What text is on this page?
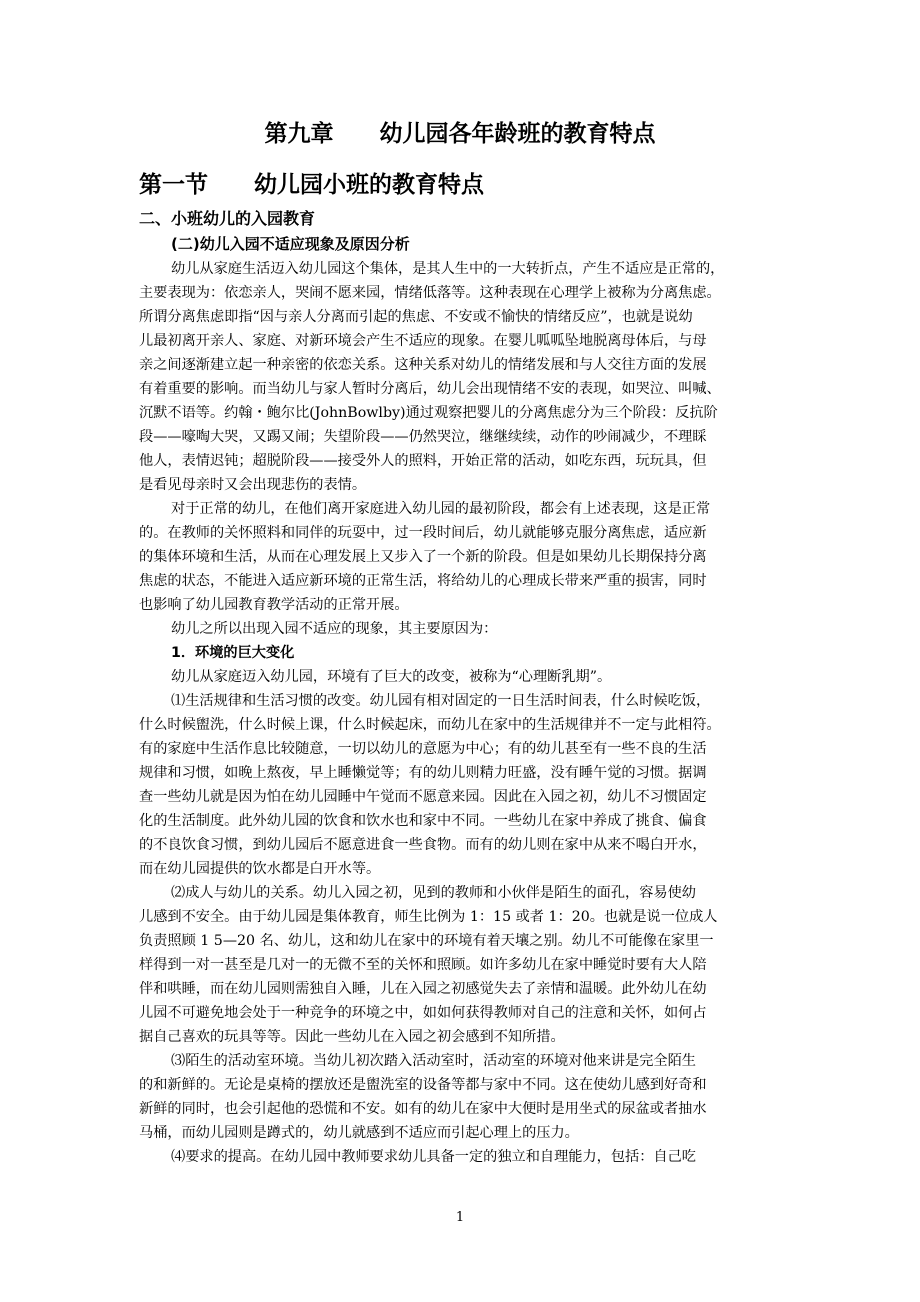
第九章　　幼儿园各年龄班的教育特点
第一节　　幼儿园小班的教育特点
二、小班幼儿的入园教育
(二)幼儿入园不适应现象及原因分析
幼儿从家庭生活迈入幼儿园这个集体，是其人生中的一大转折点，产生不适应是正常的，
主要表现为：依恋亲人，哭闹不愿来园，情绪低落等。这种表现在心理学上被称为分离焦虑。
所谓分离焦虑即指“因与亲人分离而引起的焦虑、不安或不愉快的情绪反应”，也就是说幼
儿最初离开亲人、家庭、对新环境会产生不适应的现象。在婴儿呱呱坠地脱离母体后，与母
亲之间逐渐建立起一种亲密的依恋关系。这种关系对幼儿的情绪发展和与人交往方面的发展
有着重要的影响。而当幼儿与家人暂时分离后，幼儿会出现情绪不安的表现，如哭泣、叫喊、
沉默不语等。约翰・鲍尔比(JohnBowlby)通过观察把婴儿的分离焦虑分为三个阶段：反抗阶
段——嚎啕大哭，又踢又闹；失望阶段——仍然哭泣，继继续续，动作的吵闹减少，不理睬
他人，表情迟钝；超脱阶段——接受外人的照料，开始正常的活动，如吃东西，玩玩具，但
是看见母亲时又会出现悲伤的表情。
对于正常的幼儿，在他们离开家庭进入幼儿园的最初阶段，都会有上述表现，这是正常
的。在教师的关怀照料和同伴的玩耍中，过一段时间后，幼儿就能够克服分离焦虑，适应新
的集体环境和生活，从而在心理发展上又步入了一个新的阶段。但是如果幼儿长期保持分离
焦虑的状态，不能进入适应新环境的正常生活，将给幼儿的心理成长带来严重的损害，同时
也影响了幼儿园教育教学活动的正常开展。
幼儿之所以出现入园不适应的现象，其主要原因为：
1．环境的巨大变化
幼儿从家庭迈入幼儿园，环境有了巨大的改变，被称为“心理断乳期”。
⑴生活规律和生活习惯的改变。幼儿园有相对固定的一日生活时间表，什么时候吃饭，
什么时候盥洗，什么时候上课，什么时候起床，而幼儿在家中的生活规律并不一定与此相符。
有的家庭中生活作息比较随意，一切以幼儿的意愿为中心；有的幼儿甚至有一些不良的生活
规律和习惯，如晚上熬夜，早上睡懒觉等；有的幼儿则精力旺盛，没有睡午觉的习惯。据调
查一些幼儿就是因为怕在幼儿园睡中午觉而不愿意来园。因此在入园之初，幼儿不习惯固定
化的生活制度。此外幼儿园的饮食和饮水也和家中不同。一些幼儿在家中养成了挑食、偏食
的不良饮食习惯，到幼儿园后不愿意进食一些食物。而有的幼儿则在家中从来不喝白开水，
而在幼儿园提供的饮水都是白开水等。
⑵成人与幼儿的关系。幼儿入园之初，见到的教师和小伙伴是陌生的面孔，容易使幼
儿感到不安全。由于幼儿园是集体教育，师生比例为 1：15 或者 1：20。也就是说一位成人
负责照顾 1 5—20 名、幼儿，这和幼儿在家中的环境有着天壤之别。幼儿不可能像在家里一
样得到一对一甚至是几对一的无微不至的关怀和照顾。如许多幼儿在家中睡觉时要有大人陪
伴和哄睡，而在幼儿园则需独自入睡，儿在入园之初感觉失去了亲情和温暖。此外幼儿在幼
儿园不可避免地会处于一种竞争的环境之中，如如何获得教师对自己的注意和关怀，如何占
据自己喜欢的玩具等等。因此一些幼儿在入园之初会感到不知所措。
⑶陌生的活动室环境。当幼儿初次踏入活动室时，活动室的环境对他来讲是完全陌生
的和新鲜的。无论是桌椅的摆放还是盥洗室的设备等都与家中不同。这在使幼儿感到好奇和
新鲜的同时，也会引起他的恐慌和不安。如有的幼儿在家中大便时是用坐式的尿盆或者抽水
马桶，而幼儿园则是蹲式的，幼儿就感到不适应而引起心理上的压力。
⑷要求的提高。在幼儿园中教师要求幼儿具备一定的独立和自理能力，包括：自己吃
1
